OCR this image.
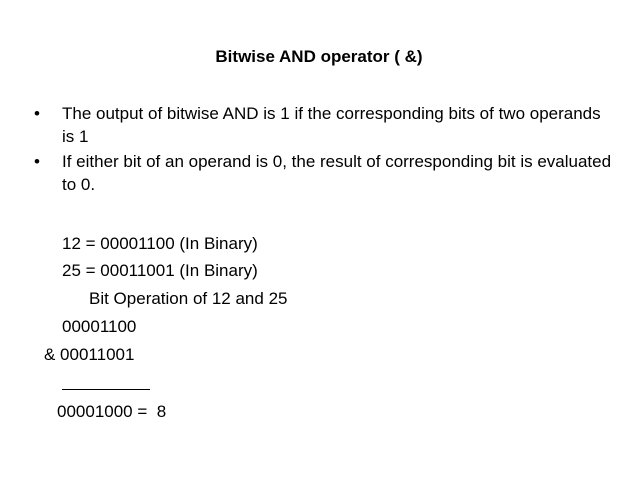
Bitwise AND operator ( &)
• The output of bitwise AND is 1 if the corresponding bits of two operands is 1
• If either bit of an operand is 0, the result of corresponding bit is evaluated to 0.
12 = 00001100 (In Binary)
25 = 00011001 (In Binary)
Bit Operation of 12 and 25
00001100
& 00011001
00001000 =  8
